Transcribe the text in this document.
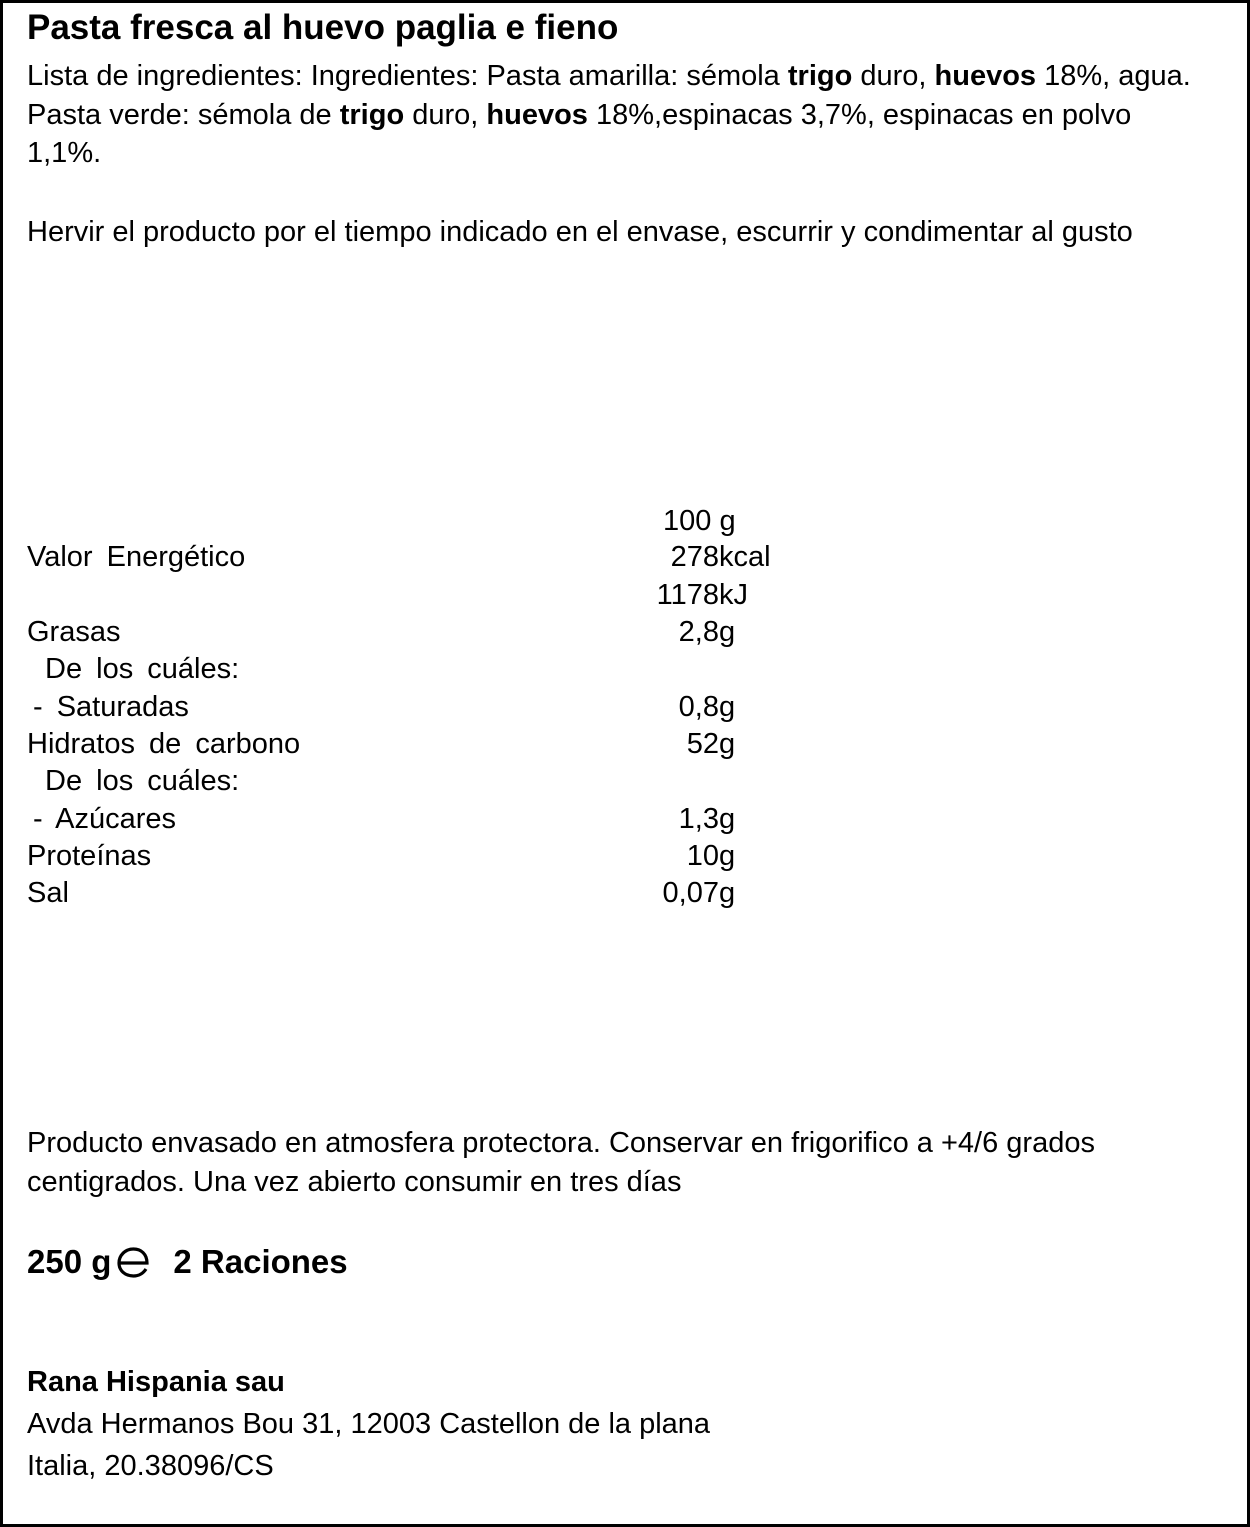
Pasta fresca al huevo paglia e fieno
Lista de ingredientes: Ingredientes: Pasta amarilla: sémola trigo duro, huevos 18%, agua. Pasta verde: sémola de trigo duro, huevos 18%,espinacas 3,7%, espinacas en polvo 1,1%.
Hervir el producto por el tiempo indicado en el envase, escurrir y condimentar al gusto
100 g
Valor Energético	278 kcal
1178 kJ
Grasas	2,8 g
De los cuáles:
- Saturadas	0,8 g
Hidratos de carbono	52 g
De los cuáles:
- Azúcares	1,3 g
Proteínas	10 g
Sal	0,07 g
Producto envasado en atmosfera protectora. Conservar en frigorifico a +4/6 grados centigrados. Una vez abierto consumir en tres días
250 g 2 Raciones
Rana Hispania sau
Avda Hermanos Bou 31, 12003 Castellon de la plana
Italia, 20.38096/CS
